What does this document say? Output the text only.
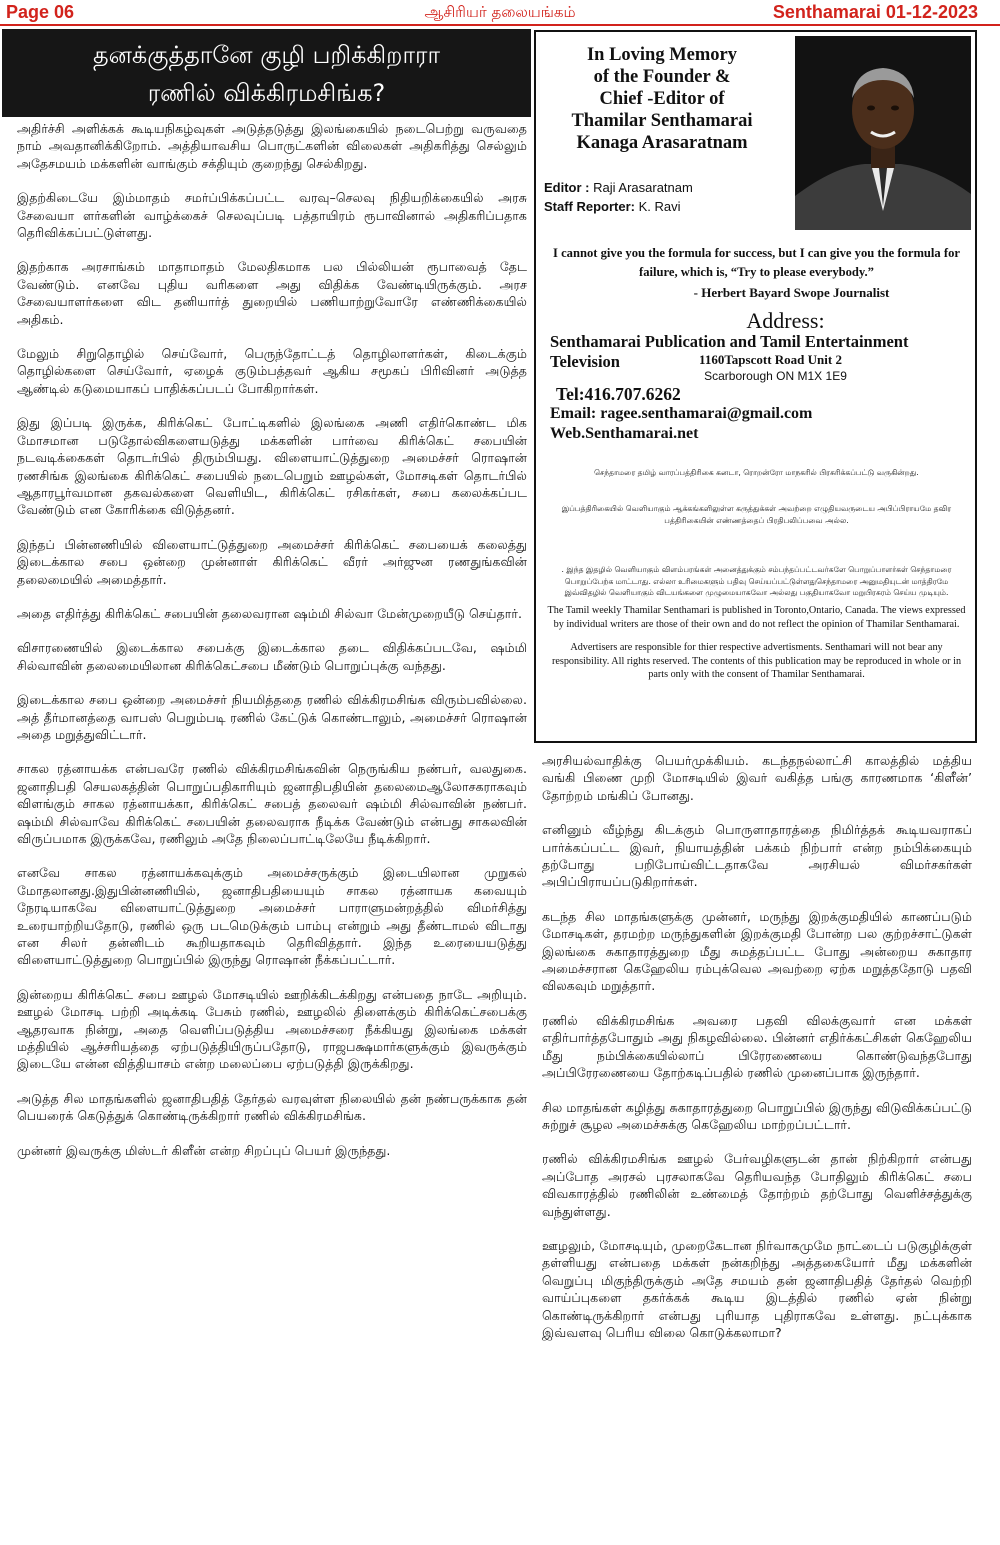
Page 06	ஆசிரியர் தலையங்கம்	Senthamarai 01-12-2023
தனக்குத்தானே குழி பறிக்கிறாரா
ரணில் விக்கிரமசிங்க?

அதிர்ச்சி அளிக்கக் கூடியநிகழ்வுகள் அடுத்தடுத்து இலங்கையில் நடைபெற்று வருவதை நாம் அவதானிக்கிறோம். அத்தியாவசிய பொருட்களின் விலைகள் அதிகரித்து செல்லும் அதேசமயம் மக்களின் வாங்கும் சக்தியும் குறைந்து செல்கிறது.

இதற்கிடையே இம்மாதம் சமர்ப்பிக்கப்பட்ட வரவு–செலவு நிதியறிக்கையில் அரசு சேவையா ளர்களின் வாழ்க்கைச் செலவுப்படி பத்தாயிரம் ரூபாவினால் அதிகரிப்பதாக தெரிவிக்கப்பட்டுள்ளது.

இதற்காக அரசாங்கம் மாதாமாதம் மேலதிகமாக பல பில்லியன் ரூபாவைத் தேட வேண்டும். எனவே புதிய வரிகளை அது விதிக்க வேண்டியிருக்கும். அரச சேவையாளர்களை விட தனியார்த் துறையில் பணியாற்றுவோரே எண்ணிக்கையில் அதிகம்.

மேலும் சிறுதொழில் செய்வோர், பெருந்தோட்டத் தொழிலாளர்கள், கிடைக்கும் தொழில்களை செய்வோர், ஏழைக் குடும்பத்தவர் ஆகிய சமூகப் பிரிவினர் அடுத்த ஆண்டில் கடுமையாகப் பாதிக்கப்படப் போகிறார்கள்.

இது இப்படி இருக்க, கிரிக்கெட் போட்டிகளில் இலங்கை அணி எதிர்கொண்ட மிக மோசமான படுதோல்விகளையடுத்து மக்களின் பார்வை கிரிக்கெட் சபையின் நடவடிக்கைகள் தொடர்பில் திரும்பியது. விளையாட்டுத்துறை அமைச்சர் ரொஷான் ரணசிங்க இலங்கை கிரிக்கெட் சபையில் நடைபெறும் ஊழல்கள், மோசடிகள் தொடர்பில் ஆதாரபூர்வமான தகவல்களை வெளியிட, கிரிக்கெட் ரசிகர்கள், சபை கலைக்கப்பட வேண்டும் என கோரிக்கை விடுத்தனர்.

இந்தப் பின்னணியில் விளையாட்டுத்துறை அமைச்சர் கிரிக்கெட் சபையைக் கலைத்து இடைக்கால சபை ஒன்றை முன்னாள் கிரிக்கெட் வீரர் அர்ஜுன ரணதுங்கவின் தலைமையில் அமைத்தார்.

அதை எதிர்த்து கிரிக்கெட் சபையின் தலைவரான ஷம்மி சில்வா மேன்முறையீடு செய்தார்.

விசாரணையில் இடைக்கால சபைக்கு இடைக்கால தடை விதிக்கப்படவே, ஷம்மி சில்வாவின் தலைமையிலான கிரிக்கெட்சபை மீண்டும் பொறுப்புக்கு வந்தது.

இடைக்கால சபை ஒன்றை அமைச்சர் நியமித்ததை ரணில் விக்கிரமசிங்க விரும்பவில்லை. அத் தீர்மானத்தை வாபஸ் பெறும்படி ரணில் கேட்டுக் கொண்டாலும், அமைச்சர் ரொஷான் அதை மறுத்துவிட்டார்.

சாகல ரத்னாயக்க என்பவரே ரணில் விக்கிரமசிங்கவின் நெருங்கிய நண்பர், வலதுகை. ஜனாதிபதி செயலகத்தின் பொறுப்பதிகாரியும் ஜனாதிபதியின் தலைமைஆலோசகராகவும் விளங்கும் சாகல ரத்னாயக்கா, கிரிக்கெட் சபைத் தலைவர் ஷம்மி சில்வாவின் நண்பர். ஷம்மி சில்வாவே கிரிக்கெட் சபையின் தலைவராக நீடிக்க வேண்டும் என்பது சாகலவின் விருப்பமாக இருக்கவே, ரணிலும் அதே நிலைப்பாட்டிலேயே நீடிக்கிறார்.

எனவே சாகல ரத்னாயக்கவுக்கும் அமைச்சருக்கும் இடையிலான முறுகல் மோதலானது.இதுபின்னணியில், ஜனாதிபதியையும் சாகல ரத்னாயக கவையும் நேரடியாகவே விளையாட்டுத்துறை அமைச்சர் பாராளுமன்றத்தில் விமர்சித்து உரையாற்றியதோடு, ரணில் ஒரு படமெடுக்கும் பாம்பு என்றும் அது தீண்டாமல் விடாது என சிலர் தன்னிடம் கூறியதாகவும் தெரிவித்தார். இந்த உரையையடுத்து விளையாட்டுத்துறை பொறுப்பில் இருந்து ரொஷான் நீக்கப்பட்டார்.

இன்றைய கிரிக்கெட் சபை ஊழல் மோசடியில் ஊறிக்கிடக்கிறது என்பதை நாடே அறியும். ஊழல் மோசடி பற்றி அடிக்கடி பேசும் ரணில், ஊழலில் திளைக்கும் கிரிக்கெட்சபைக்கு ஆதரவாக நின்று, அதை வெளிப்படுத்திய அமைச்சரை நீக்கியது இலங்கை மக்கள் மத்தியில் ஆச்சரியத்தை ஏற்படுத்தியிருப்பதோடு, ராஜபக்ஷமார்களுக்கும் இவருக்கும் இடையே என்ன வித்தியாசம் என்ற மலைப்பை ஏற்படுத்தி இருக்கிறது.

அடுத்த சில மாதங்களில் ஜனாதிபதித் தேர்தல் வரவுள்ள நிலையில் தன் நண்பருக்காக தன் பெயரைக் கெடுத்துக் கொண்டிருக்கிறார் ரணில் விக்கிரமசிங்க.

முன்னர் இவருக்கு மிஸ்டர் கிளீன் என்ற சிறப்புப் பெயர் இருந்தது.

In Loving Memory
of the Founder &
Chief -Editor of
Thamilar Senthamarai
Kanaga Arasaratnam
Editor : Raji Arasaratnam
Staff Reporter: K. Ravi
I cannot give you the formula for success, but I can give you the formula for failure, which is, “Try to please everybody.”
- Herbert Bayard Swope Journalist
Address:
Senthamarai Publication and Tamil Entertainment Television	1160Tapscott Road Unit 2
Scarborough ON M1X 1E9
Tel:416.707.6262
Email: ragee.senthamarai@gmail.com
Web.Senthamarai.net
செந்தாமரை தமிழ் வாரப்பத்திரிகை கனடா, ரொறன்ரோ மாநகரில் பிரசுரிக்கப்பட்டு வருகின்றது.
இப்பத்திரிகையில் வெளியாகும் ஆக்கங்களிலுள்ள கருத்துக்கள் அவற்றை எழுதியவருடைய அபிப்பிராயமே தவிர பத்திரிகையின் எண்ணத்தைப் பிரதிபலிப்பவை அல்ல.
. இந்த இதழில் வெளியாகும் விளம்பரங்கள் அனைத்துக்கும் சம்பந்தப்பட்டவர்களே பொறுப்பாளர்கள் செந்தாமரை பொறுப்பேற்க மாட்டாது. எல்லா உரிமைகளும் பதிவு செய்யப்பட்டுள்ளதுசெந்தாமரை அனுமதியுடன் மாத்திரமே இவ்விதழில் வெளியாகும் விடயங்களை முழுமையாகவோ அல்லது பகுதியாகவோ மறுபிரசுரம் செய்ய முடியும்.
The Tamil weekly Thamilar Senthamari is published in Toronto,Ontario, Canada. The views expressed by individual writers are those of their own and do not reflect the opinion of Thamilar Senthamarai.
Advertisers are responsible for thier respective advertisments. Senthamari will not bear any responsibility. All rights reserved. The contents of this publication may be reproduced in whole or in parts only with the consent of Thamilar Senthamarai.

அரசியல்வாதிக்கு பெயர்முக்கியம். கடந்தநல்லாட்சி காலத்தில் மத்திய வங்கி பிணை முறி மோசடியில் இவர் வகித்த பங்கு காரணமாக ‘கிளீன்’ தோற்றம் மங்கிப் போனது.

எனினும் வீழ்ந்து கிடக்கும் பொருளாதாரத்தை நிமிர்த்தக் கூடியவராகப் பார்க்கப்பட்ட இவர், நியாயத்தின் பக்கம் நிற்பார் என்ற நம்பிக்கையும் தற்போது பறிபோய்விட்டதாகவே அரசியல் விமர்சகர்கள் அபிப்பிராயப்படுகிறார்கள்.

கடந்த சில மாதங்களுக்கு முன்னர், மருந்து இறக்குமதியில் காணப்படும் மோசடிகள், தரமற்ற மருந்துகளின் இறக்குமதி போன்ற பல குற்றச்சாட்டுகள் இலங்கை சுகாதாரத்துறை மீது சுமத்தப்பட்ட போது அன்றைய சுகாதார அமைச்சரான கெஹேலிய ரம்புக்வெல அவற்றை ஏற்க மறுத்ததோடு பதவி விலகவும் மறுத்தார்.

ரணில் விக்கிரமசிங்க அவரை பதவி விலக்குவார் என மக்கள் எதிர்பார்த்தபோதும் அது நிகழவில்லை. பின்னர் எதிர்க்கட்சிகள் கெஹேலிய மீது நம்பிக்கையில்லாப் பிரேரணையை கொண்டுவந்தபோது அப்பிரேரணையை தோற்கடிப்பதில் ரணில் முனைப்பாக இருந்தார்.

சில மாதங்கள் கழித்து சுகாதாரத்துறை பொறுப்பில் இருந்து விடுவிக்கப்பட்டு சுற்றுச் சூழல அமைச்சுக்கு கெஹேலிய மாற்றப்பட்டார்.

ரணில் விக்கிரமசிங்க ஊழல் பேர்வழிகளுடன் தான் நிற்கிறார் என்பது அப்போத அரசல் புரசலாகவே தெரியவந்த போதிலும் கிரிக்கெட் சபை விவகாரத்தில் ரணிலின் உண்மைத் தோற்றம் தற்போது வெளிச்சத்துக்கு வந்துள்ளது.

ஊழலும், மோசடியும், முறைகேடான நிர்வாகமுமே நாட்டைப் படுகுழிக்குள் தள்ளியது என்பதை மக்கள் நன்கறிந்து அத்தகையோர் மீது மக்களின் வெறுப்பு மிகுந்திருக்கும் அதே சமயம் தன் ஜனாதிபதித் தேர்தல் வெற்றி வாய்ப்புகளை தகர்க்கக் கூடிய இடத்தில் ரணில் ஏன் நின்று கொண்டிருக்கிறார் என்பது புரியாத புதிராகவே உள்ளது. நட்புக்காக இவ்வளவு பெரிய விலை கொடுக்கலாமா?
